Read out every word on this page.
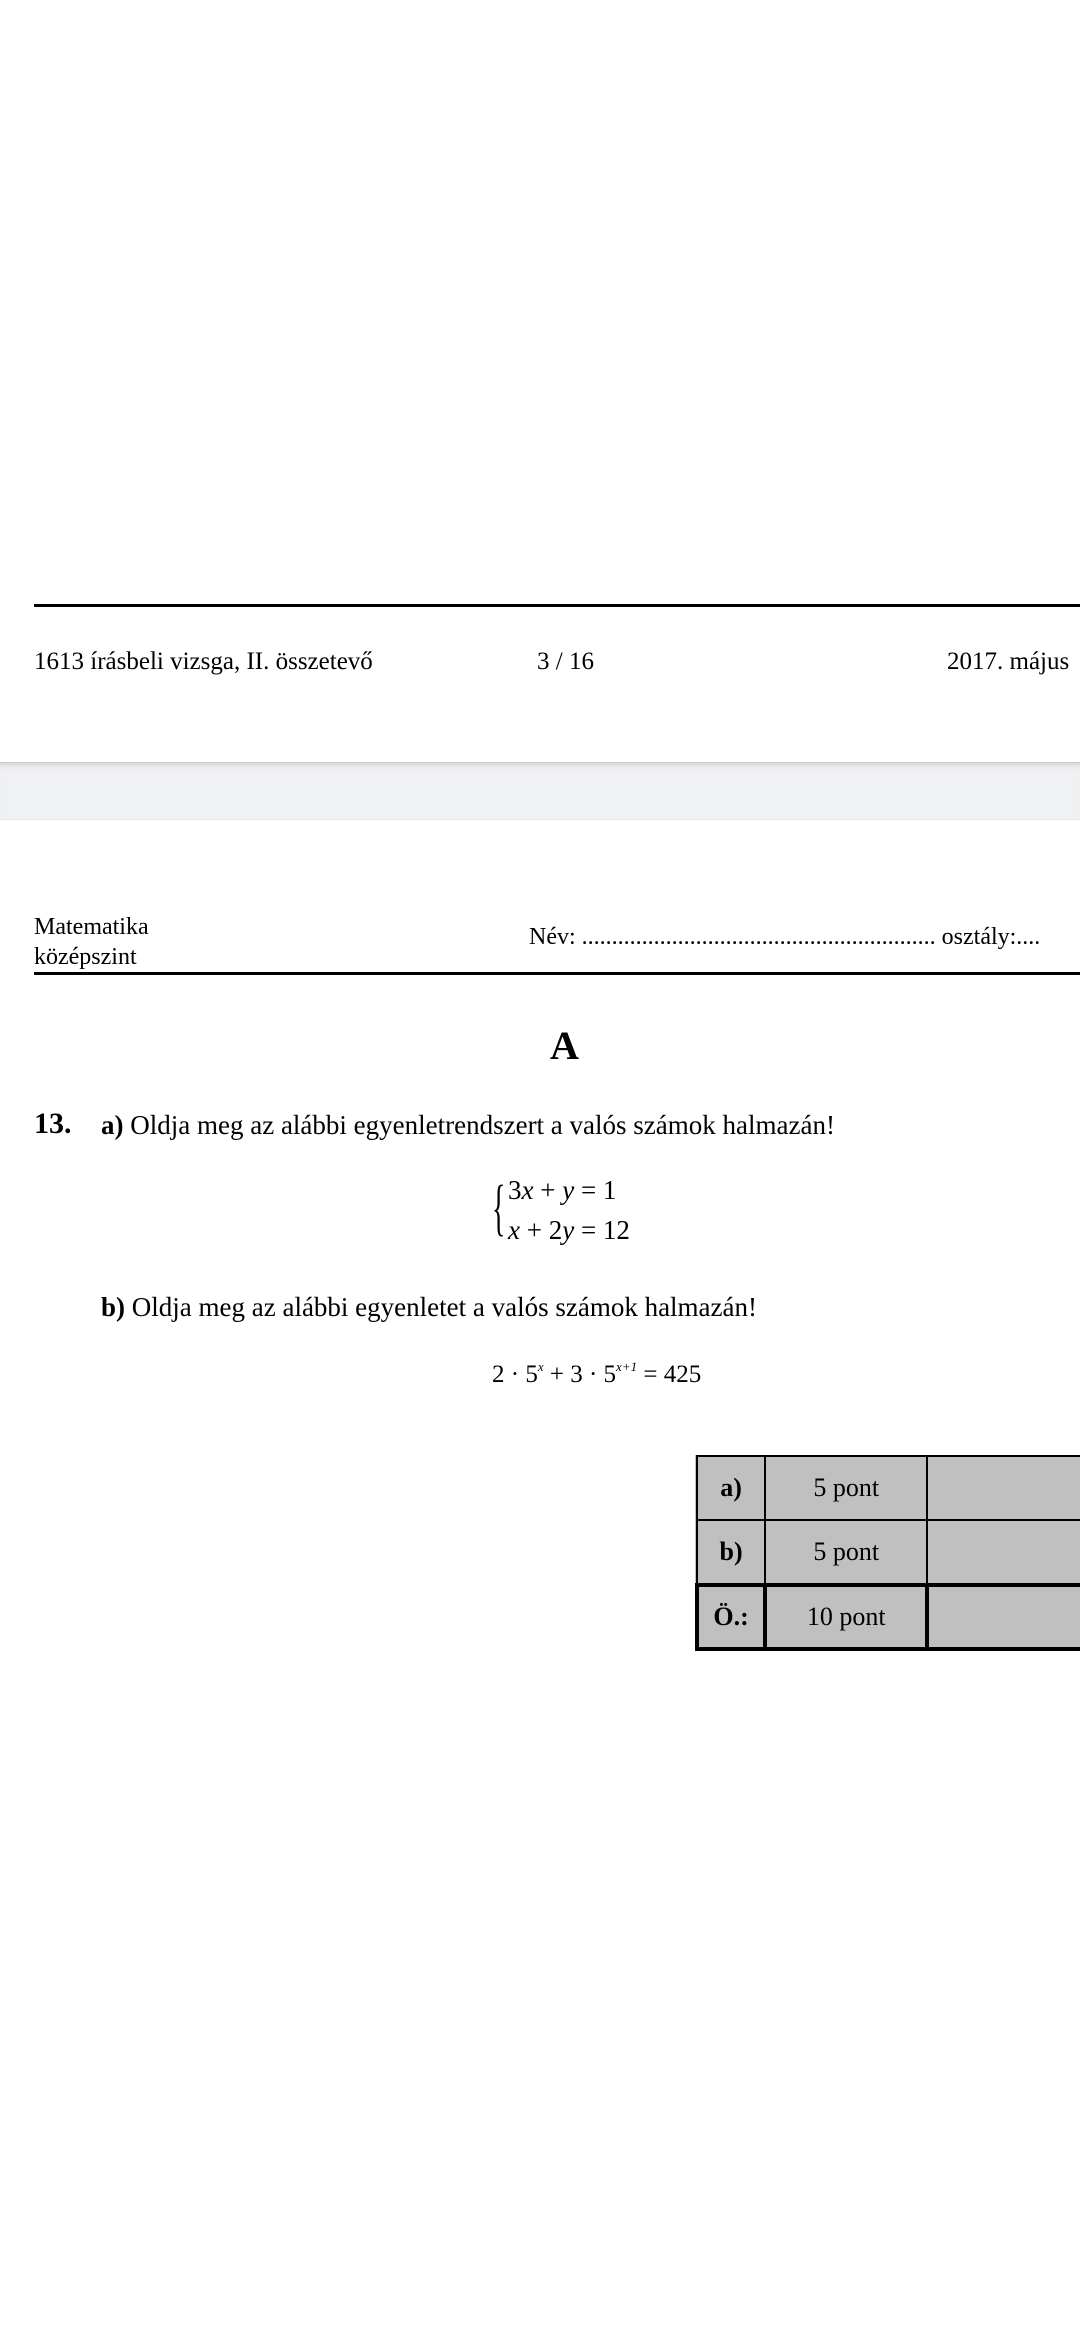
1613 írásbeli vizsga, II. összetevő	3 / 16	2017. május
Matematika
középszint
Név: ........................................................... osztály:....
A
13. a) Oldja meg az alábbi egyenletrendszert a valós számok halmazán!
{ 3x + y = 1
x + 2y = 12
b) Oldja meg az alábbi egyenletet a valós számok halmazán!
$2 \cdot 5^x + 3 \cdot 5^{x+1} = 425$
a)	5 pont	
b)	5 pont	
Ö.:	10 pont	
